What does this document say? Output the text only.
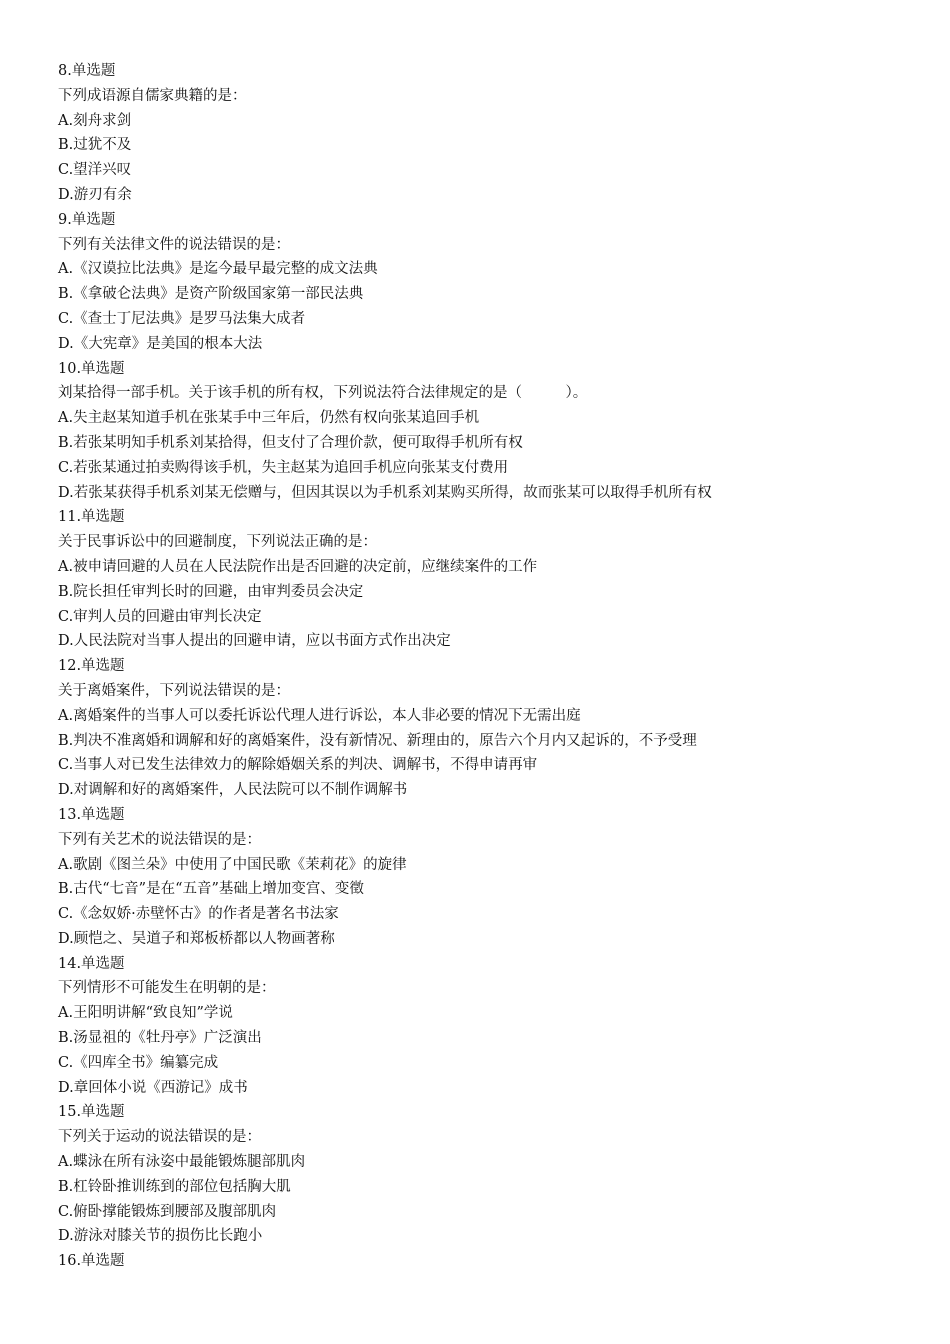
8.单选题
下列成语源自儒家典籍的是：
A.刻舟求剑
B.过犹不及
C.望洋兴叹
D.游刃有余
9.单选题
下列有关法律文件的说法错误的是：
A.《汉谟拉比法典》是迄今最早最完整的成文法典
B.《拿破仑法典》是资产阶级国家第一部民法典
C.《查士丁尼法典》是罗马法集大成者
D.《大宪章》是美国的根本大法
10.单选题
刘某拾得一部手机。关于该手机的所有权，下列说法符合法律规定的是（　　　）。
A.失主赵某知道手机在张某手中三年后，仍然有权向张某追回手机
B.若张某明知手机系刘某拾得，但支付了合理价款，便可取得手机所有权
C.若张某通过拍卖购得该手机，失主赵某为追回手机应向张某支付费用
D.若张某获得手机系刘某无偿赠与，但因其误以为手机系刘某购买所得，故而张某可以取得手机所有权
11.单选题
关于民事诉讼中的回避制度，下列说法正确的是：
A.被申请回避的人员在人民法院作出是否回避的决定前，应继续案件的工作
B.院长担任审判长时的回避，由审判委员会决定
C.审判人员的回避由审判长决定
D.人民法院对当事人提出的回避申请，应以书面方式作出决定
12.单选题
关于离婚案件，下列说法错误的是：
A.离婚案件的当事人可以委托诉讼代理人进行诉讼，本人非必要的情况下无需出庭
B.判决不准离婚和调解和好的离婚案件，没有新情况、新理由的，原告六个月内又起诉的，不予受理
C.当事人对已发生法律效力的解除婚姻关系的判决、调解书，不得申请再审
D.对调解和好的离婚案件，人民法院可以不制作调解书
13.单选题
下列有关艺术的说法错误的是：
A.歌剧《图兰朵》中使用了中国民歌《茉莉花》的旋律
B.古代“七音”是在“五音”基础上增加变宫、变徵
C.《念奴娇·赤壁怀古》的作者是著名书法家
D.顾恺之、吴道子和郑板桥都以人物画著称
14.单选题
下列情形不可能发生在明朝的是：
A.王阳明讲解“致良知”学说
B.汤显祖的《牡丹亭》广泛演出
C.《四库全书》编纂完成
D.章回体小说《西游记》成书
15.单选题
下列关于运动的说法错误的是：
A.蝶泳在所有泳姿中最能锻炼腿部肌肉
B.杠铃卧推训练到的部位包括胸大肌
C.俯卧撑能锻炼到腰部及腹部肌肉
D.游泳对膝关节的损伤比长跑小
16.单选题
